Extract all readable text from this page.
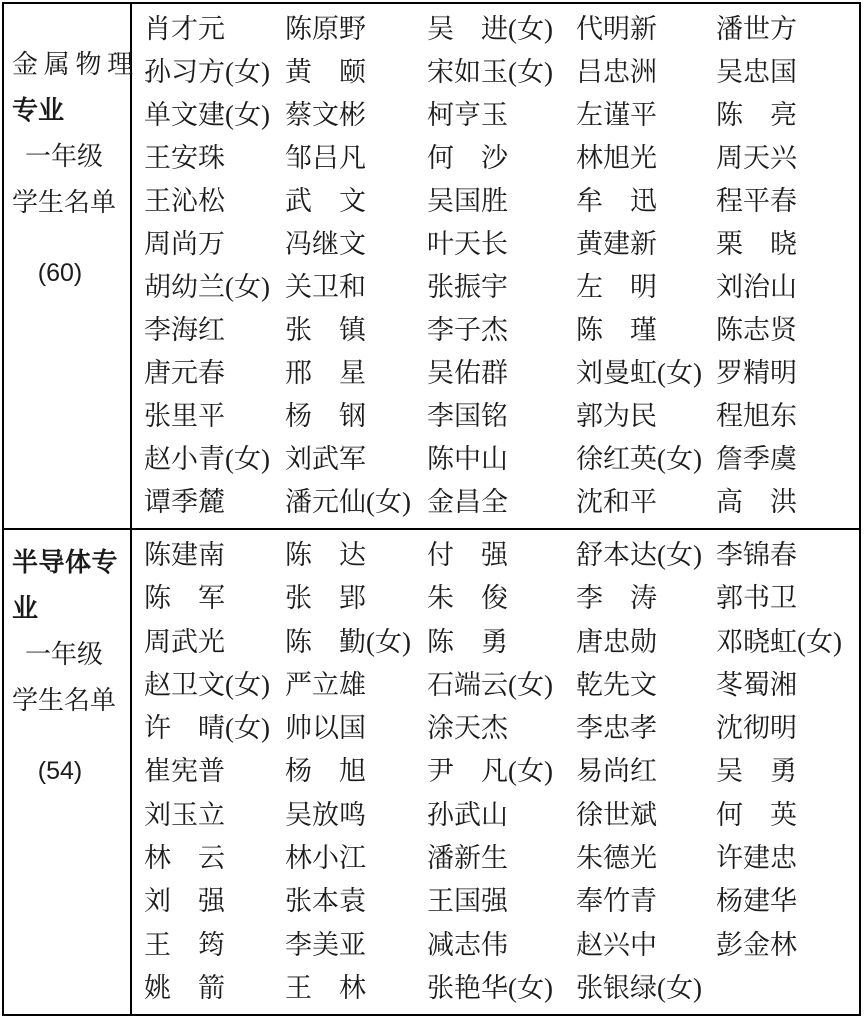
金属物理
专业
一年级
学生名单
(60)
肖才元	陈原野	吴　进(女) 代明新	潘世方
孙习方(女) 黄　颐	宋如玉(女) 吕忠洲	吴忠国
单文建(女) 蔡文彬	柯亨玉	左谨平	陈　亮
王安珠	邹吕凡	何　沙	林旭光	周天兴
王沁松	武　文	吴国胜	牟　迅	程平春
周尚万	冯继文	叶天长	黄建新	栗　晓
胡幼兰(女) 关卫和	张振宇	左　明	刘治山
李海红	张　镇	李子杰	陈　瑾	陈志贤
唐元春	邢　星	吴佑群	刘曼虹(女) 罗精明
张里平	杨　钢	李国铭	郭为民	程旭东
赵小青(女) 刘武军	陈中山	徐红英(女) 詹季虞
谭季麓	潘元仙(女) 金昌全	沈和平	高　洪
半导体专
业
一年级
学生名单
(54)
陈建南	陈　达	付　强	舒本达(女) 李锦春
陈　军	张　郢	朱　俊	李　涛	郭书卫
周武光	陈　勤(女) 陈　勇	唐忠勋	邓晓虹(女)
赵卫文(女) 严立雄	石端云(女) 乾先文	苳蜀湘
许　晴(女) 帅以国	涂天杰	李忠孝	沈彻明
崔宪普	杨　旭	尹　凡(女) 易尚红	吴　勇
刘玉立	吴放鸣	孙武山	徐世斌	何　英
林　云	林小江	潘新生	朱德光	许建忠
刘　强	张本袁	王国强	奉竹青	杨建华
王　筠	李美亚	减志伟	赵兴中	彭金林
姚　箭	王　林	张艳华(女) 张银绿(女)
